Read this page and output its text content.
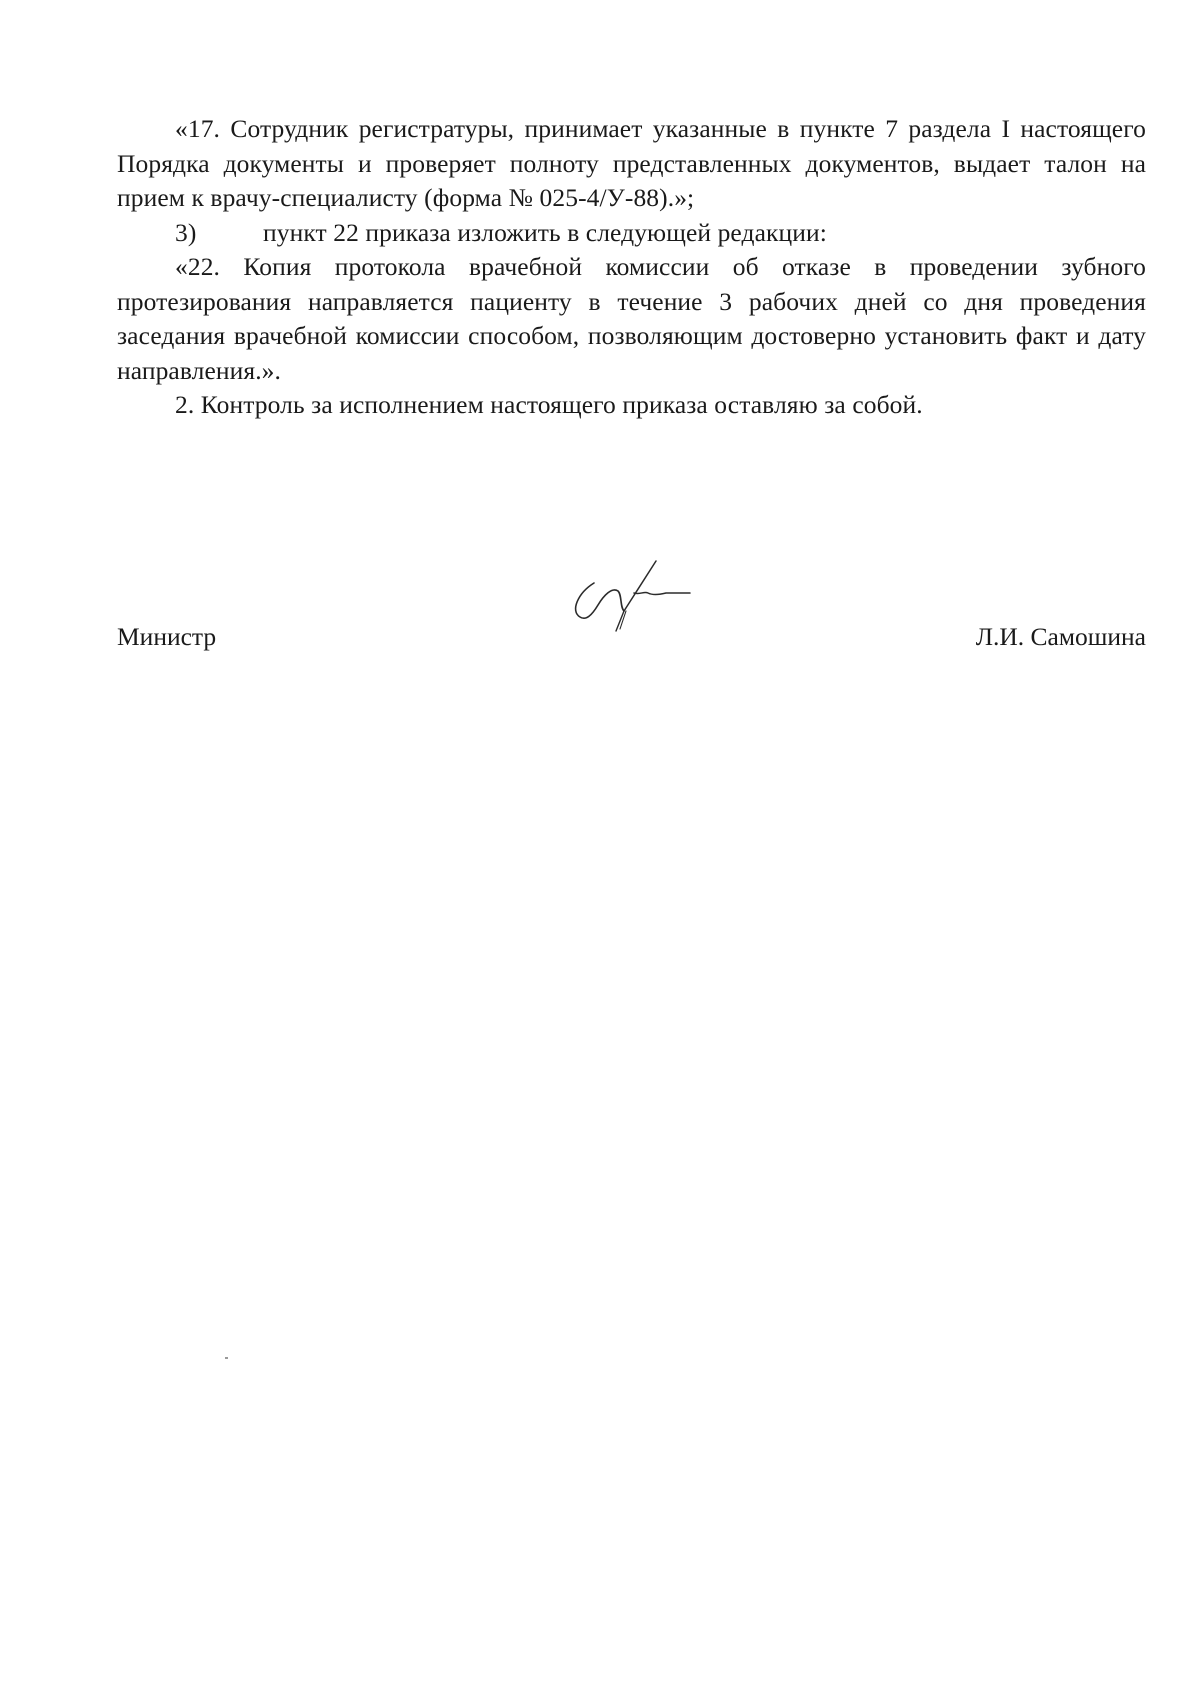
«17. Сотрудник регистратуры, принимает указанные в пункте 7 раздела I настоящего Порядка документы и проверяет полноту представленных документов, выдает талон на прием к врачу-специалисту (форма № 025-4/У-88).»;

3)	пункт 22 приказа изложить в следующей редакции:

«22. Копия протокола врачебной комиссии об отказе в проведении зубного протезирования направляется пациенту в течение 3 рабочих дней со дня проведения заседания врачебной комиссии способом, позволяющим достоверно установить факт и дату направления.».

2. Контроль за исполнением настоящего приказа оставляю за собой.

Министр	Л.И. Самошина
